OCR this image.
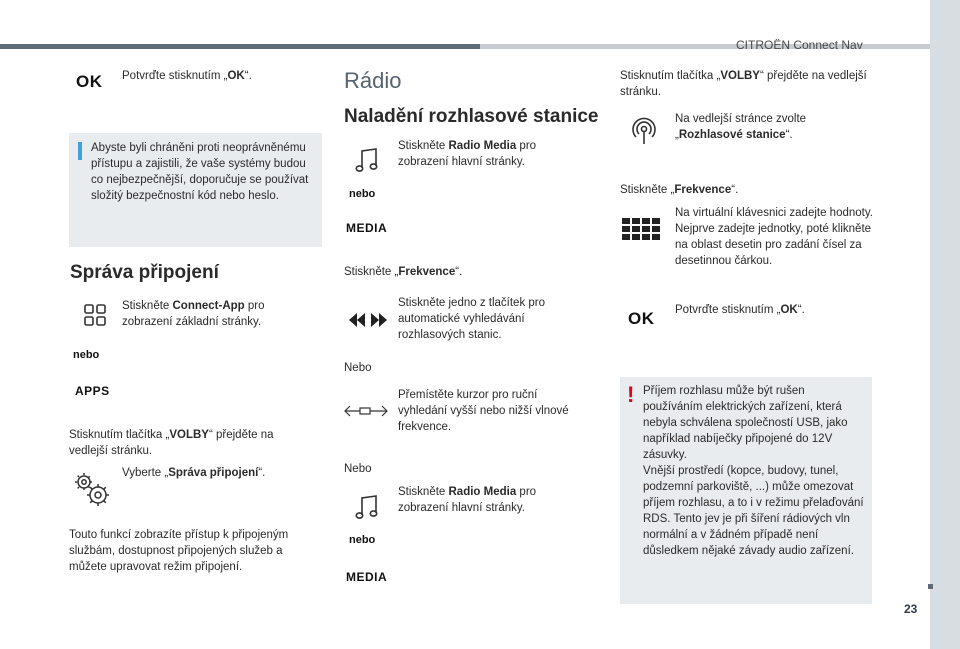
CITROËN Connect Nav
23
OK Potvrďte stisknutím „OK“.
Abyste byli chráněni proti neoprávněnému přístupu a zajistili, že vaše systémy budou co nejbezpečnější, doporučuje se používat složitý bezpečnostní kód nebo heslo.
Správa připojení
Stiskněte Connect-App pro zobrazení základní stránky.
nebo
APPS
Stisknutím tlačítka „VOLBY“ přejděte na vedlejší stránku.
Vyberte „Správa připojení“.
Touto funkcí zobrazíte přístup k připojeným službám, dostupnost připojených služeb a můžete upravovat režim připojení.
Rádio
Naladění rozhlasové stanice
Stiskněte Radio Media pro zobrazení hlavní stránky.
nebo
MEDIA
Stiskněte „Frekvence“.
Stiskněte jedno z tlačítek pro automatické vyhledávání rozhlasových stanic.
Nebo
Přemístěte kurzor pro ruční vyhledání vyšší nebo nižší vlnové frekvence.
Nebo
Stiskněte Radio Media pro zobrazení hlavní stránky.
nebo
MEDIA
Stisknutím tlačítka „VOLBY“ přejděte na vedlejší stránku.
Na vedlejší stránce zvolte „Rozhlasové stanice“.
Stiskněte „Frekvence“.
Na virtuální klávesnici zadejte hodnoty.
Nejprve zadejte jednotky, poté klikněte na oblast desetin pro zadání čísel za desetinnou čárkou.
OK Potvrďte stisknutím „OK“.
! Příjem rozhlasu může být rušen používáním elektrických zařízení, která nebyla schválena společností USB, jako například nabíječky připojené do 12V zásuvky.
Vnější prostředí (kopce, budovy, tunel, podzemní parkoviště, ...) může omezovat příjem rozhlasu, a to i v režimu přelaďování RDS. Tento jev je při šíření rádiových vln normální a v žádném případě není důsledkem nějaké závady audio zařízení.
